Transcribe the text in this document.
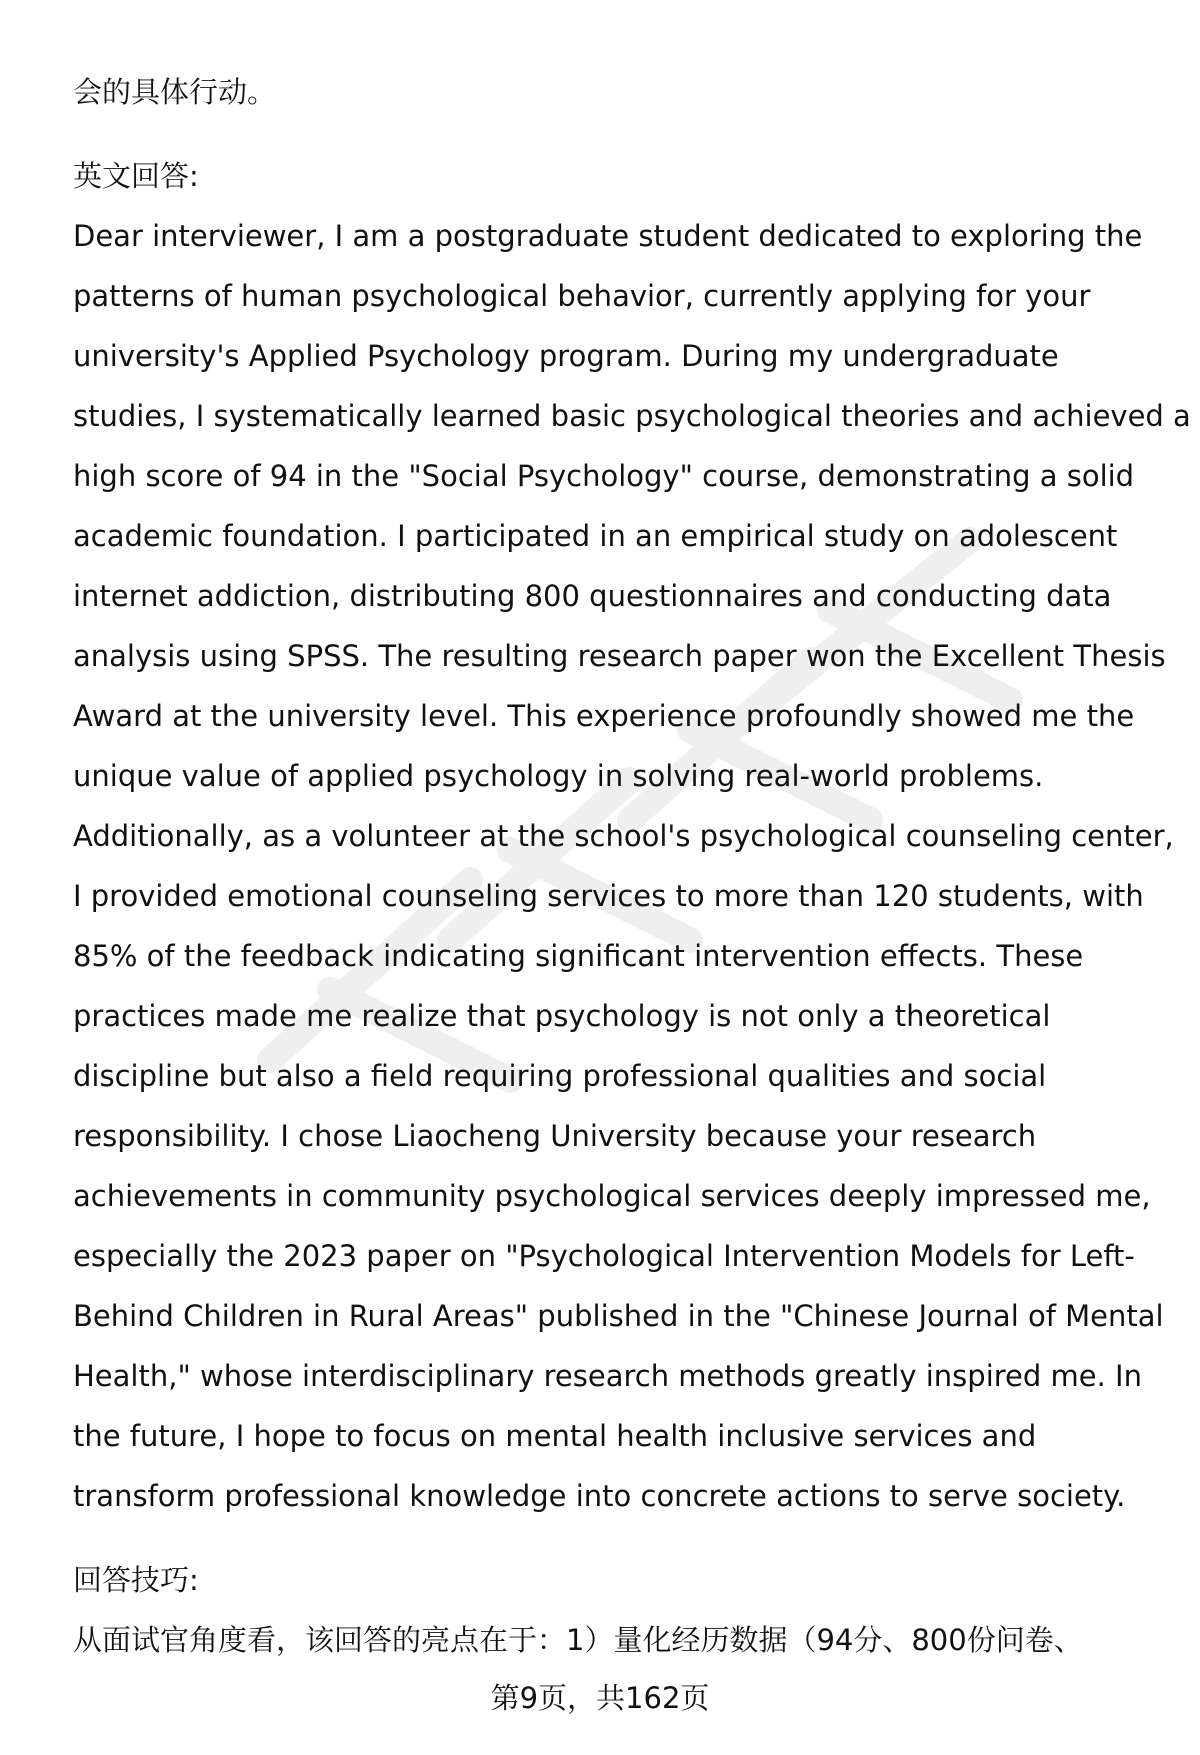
会的具体行动。
英文回答:
Dear interviewer, I am a postgraduate student dedicated to exploring the
patterns of human psychological behavior, currently applying for your
university's Applied Psychology program. During my undergraduate
studies, I systematically learned basic psychological theories and achieved a
high score of 94 in the "Social Psychology" course, demonstrating a solid
academic foundation. I participated in an empirical study on adolescent
internet addiction, distributing 800 questionnaires and conducting data
analysis using SPSS. The resulting research paper won the Excellent Thesis
Award at the university level. This experience profoundly showed me the
unique value of applied psychology in solving real-world problems.
Additionally, as a volunteer at the school's psychological counseling center,
I provided emotional counseling services to more than 120 students, with
85% of the feedback indicating significant intervention effects. These
practices made me realize that psychology is not only a theoretical
discipline but also a field requiring professional qualities and social
responsibility. I chose Liaocheng University because your research
achievements in community psychological services deeply impressed me,
especially the 2023 paper on "Psychological Intervention Models for Left-
Behind Children in Rural Areas" published in the "Chinese Journal of Mental
Health," whose interdisciplinary research methods greatly inspired me. In
the future, I hope to focus on mental health inclusive services and
transform professional knowledge into concrete actions to serve society.
回答技巧:
从面试官角度看，该回答的亮点在于：1）量化经历数据（94分、800份问卷、
第9页，共162页
